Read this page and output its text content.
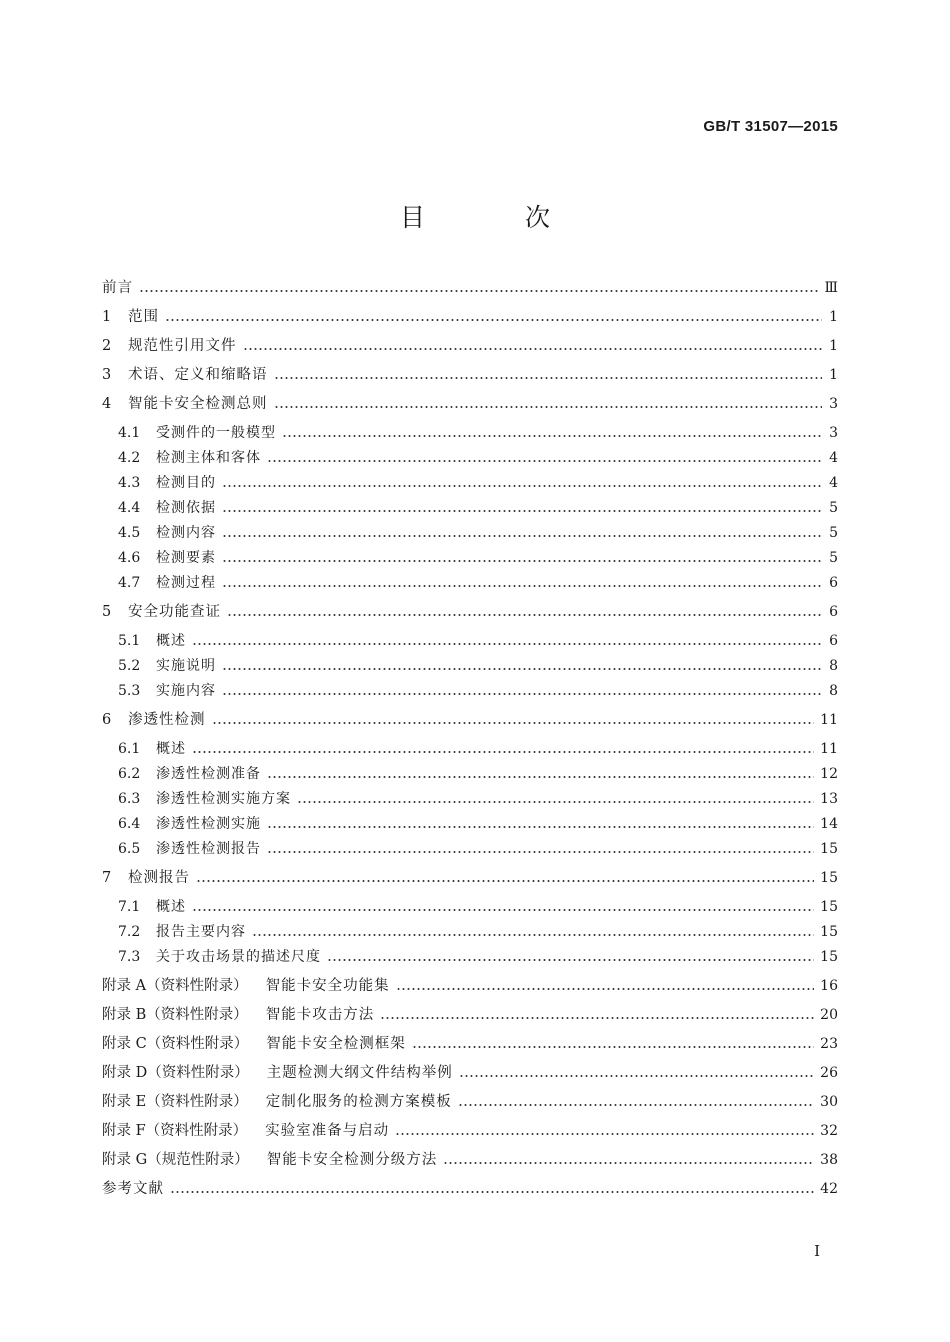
GB/T 31507—2015
目 次
前言	Ⅲ
1	范围	1
2	规范性引用文件	1
3	术语、定义和缩略语	1
4	智能卡安全检测总则	3
4.1	受测件的一般模型	3
4.2	检测主体和客体	4
4.3	检测目的	4
4.4	检测依据	5
4.5	检测内容	5
4.6	检测要素	5
4.7	检测过程	6
5	安全功能查证	6
5.1	概述	6
5.2	实施说明	8
5.3	实施内容	8
6	渗透性检测	11
6.1	概述	11
6.2	渗透性检测准备	12
6.3	渗透性检测实施方案	13
6.4	渗透性检测实施	14
6.5	渗透性检测报告	15
7	检测报告	15
7.1	概述	15
7.2	报告主要内容	15
7.3	关于攻击场景的描述尺度	15
附录 A（资料性附录） 智能卡安全功能集	16
附录 B（资料性附录） 智能卡攻击方法	20
附录 C（资料性附录） 智能卡安全检测框架	23
附录 D（资料性附录） 主题检测大纲文件结构举例	26
附录 E（资料性附录） 定制化服务的检测方案模板	30
附录 F（资料性附录） 实验室准备与启动	32
附录 G（规范性附录） 智能卡安全检测分级方法	38
参考文献	42
I
